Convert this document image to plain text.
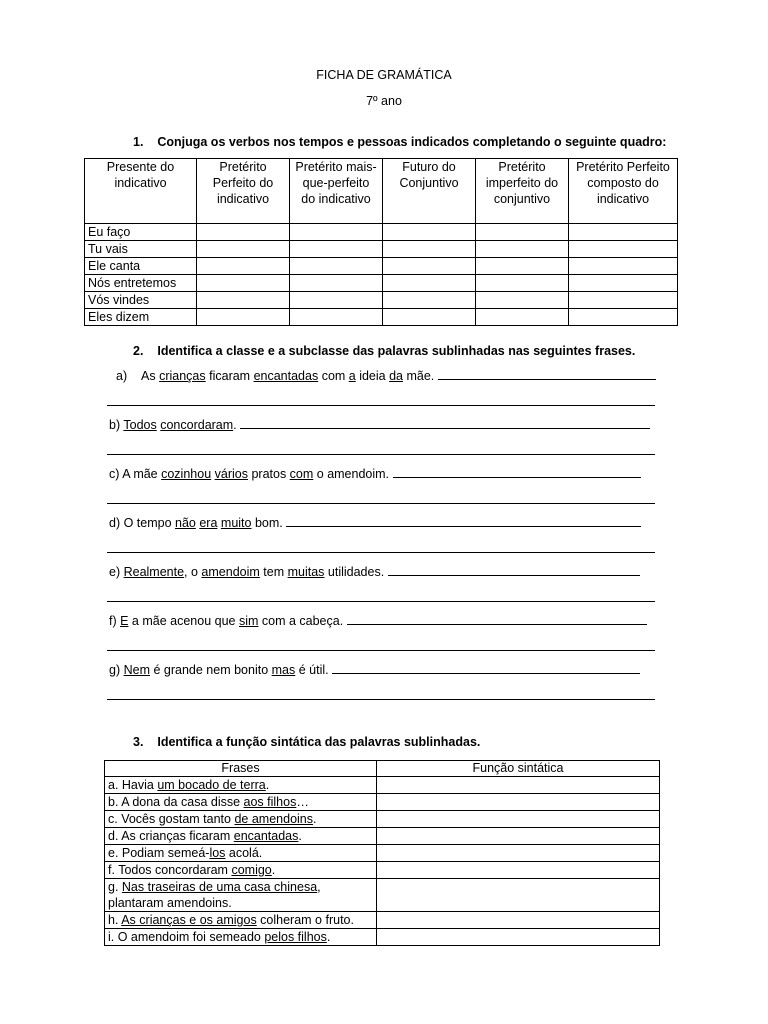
FICHA DE GRAMÁTICA
7º ano
1. Conjuga os verbos nos tempos e pessoas indicados completando o seguinte quadro:
Presente do indicativo	Pretérito Perfeito do indicativo	Pretérito mais-que-perfeito do indicativo	Futuro do Conjuntivo	Pretérito imperfeito do conjuntivo	Pretérito Perfeito composto do indicativo
Eu faço					
Tu vais					
Ele canta					
Nós entretemos					
Vós vindes					
Eles dizem					
2. Identifica a classe e a subclasse das palavras sublinhadas nas seguintes frases.
a) As crianças ficaram encantadas com a ideia da mãe.
b) Todos concordaram.
c) A mãe cozinhou vários pratos com o amendoim.
d) O tempo não era muito bom.
e) Realmente, o amendoim tem muitas utilidades.
f) E a mãe acenou que sim com a cabeça.
g) Nem é grande nem bonito mas é útil.
3. Identifica a função sintática das palavras sublinhadas.
Frases	Função sintática
a. Havia um bocado de terra.	
b. A dona da casa disse aos filhos…	
c. Vocês gostam tanto de amendoins.	
d. As crianças ficaram encantadas.	
e. Podiam semeá-los acolá.	
f. Todos concordaram comigo.	
g. Nas traseiras de uma casa chinesa,
plantaram amendoins.	
h. As crianças e os amigos colheram o fruto.	
i. O amendoim foi semeado pelos filhos.	
